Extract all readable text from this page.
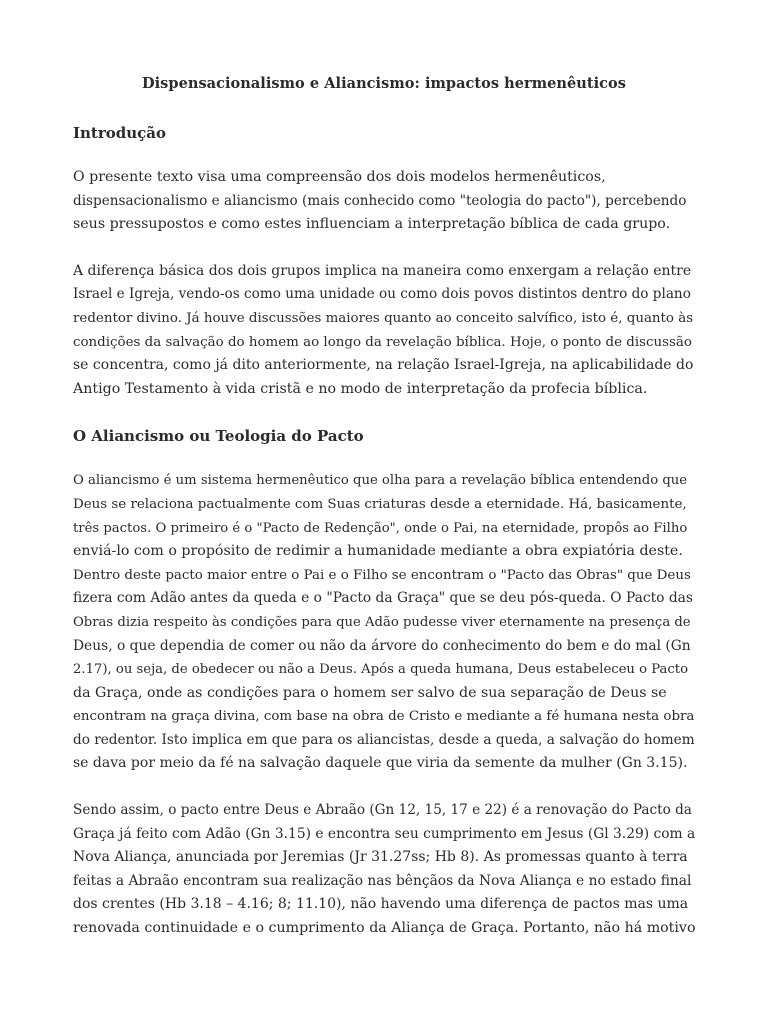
Dispensacionalismo e Aliancismo: impactos hermenêuticos
Introdução

O presente texto visa uma compreensão dos dois modelos hermenêuticos,
dispensacionalismo e aliancismo (mais conhecido como "teologia do pacto"), percebendo
seus pressupostos e como estes influenciam a interpretação bíblica de cada grupo.

A diferença básica dos dois grupos implica na maneira como enxergam a relação entre
Israel e Igreja, vendo-os como uma unidade ou como dois povos distintos dentro do plano
redentor divino. Já houve discussões maiores quanto ao conceito salvífico, isto é, quanto às
condições da salvação do homem ao longo da revelação bíblica. Hoje, o ponto de discussão
se concentra, como já dito anteriormente, na relação Israel-Igreja, na aplicabilidade do
Antigo Testamento à vida cristã e no modo de interpretação da profecia bíblica.

O Aliancismo ou Teologia do Pacto

O aliancismo é um sistema hermenêutico que olha para a revelação bíblica entendendo que
Deus se relaciona pactualmente com Suas criaturas desde a eternidade. Há, basicamente,
três pactos. O primeiro é o "Pacto de Redenção", onde o Pai, na eternidade, propôs ao Filho
enviá-lo com o propósito de redimir a humanidade mediante a obra expiatória deste.
Dentro deste pacto maior entre o Pai e o Filho se encontram o "Pacto das Obras" que Deus
fizera com Adão antes da queda e o "Pacto da Graça" que se deu pós-queda. O Pacto das
Obras dizia respeito às condições para que Adão pudesse viver eternamente na presença de
Deus, o que dependia de comer ou não da árvore do conhecimento do bem e do mal (Gn
2.17), ou seja, de obedecer ou não a Deus. Após a queda humana, Deus estabeleceu o Pacto
da Graça, onde as condições para o homem ser salvo de sua separação de Deus se
encontram na graça divina, com base na obra de Cristo e mediante a fé humana nesta obra
do redentor. Isto implica em que para os aliancistas, desde a queda, a salvação do homem
se dava por meio da fé na salvação daquele que viria da semente da mulher (Gn 3.15).

Sendo assim, o pacto entre Deus e Abraão (Gn 12, 15, 17 e 22) é a renovação do Pacto da
Graça já feito com Adão (Gn 3.15) e encontra seu cumprimento em Jesus (Gl 3.29) com a
Nova Aliança, anunciada por Jeremias (Jr 31.27ss; Hb 8). As promessas quanto à terra
feitas a Abraão encontram sua realização nas bênçãos da Nova Aliança e no estado final
dos crentes (Hb 3.18 – 4.16; 8; 11.10), não havendo uma diferença de pactos mas uma
renovada continuidade e o cumprimento da Aliança de Graça. Portanto, não há motivo
